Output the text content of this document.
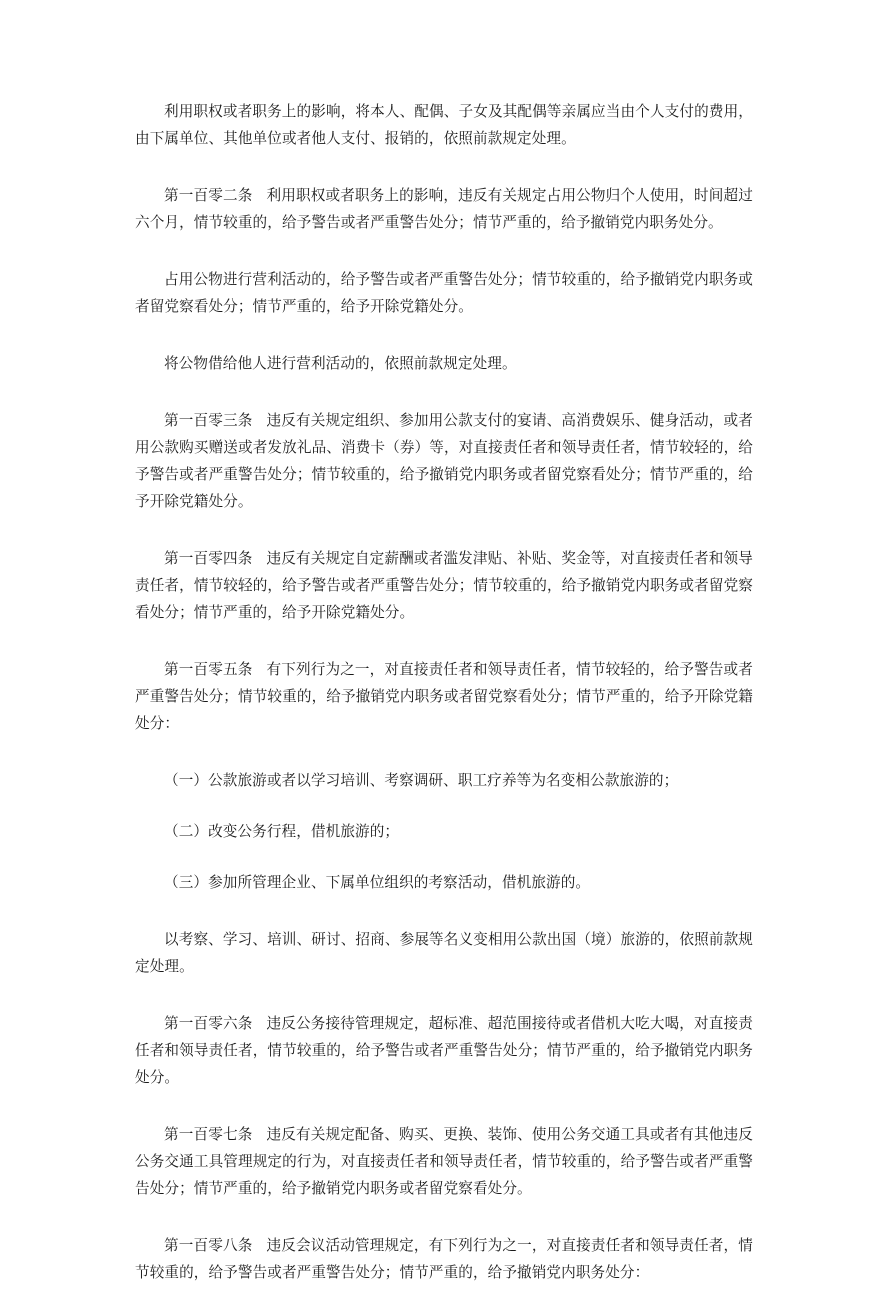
利用职权或者职务上的影响，将本人、配偶、子女及其配偶等亲属应当由个人支付的费用，由下属单位、其他单位或者他人支付、报销的，依照前款规定处理。

第一百零二条 利用职权或者职务上的影响，违反有关规定占用公物归个人使用，时间超过六个月，情节较重的，给予警告或者严重警告处分；情节严重的，给予撤销党内职务处分。

占用公物进行营利活动的，给予警告或者严重警告处分；情节较重的，给予撤销党内职务或者留党察看处分；情节严重的，给予开除党籍处分。

将公物借给他人进行营利活动的，依照前款规定处理。

第一百零三条 违反有关规定组织、参加用公款支付的宴请、高消费娱乐、健身活动，或者用公款购买赠送或者发放礼品、消费卡（券）等，对直接责任者和领导责任者，情节较轻的，给予警告或者严重警告处分；情节较重的，给予撤销党内职务或者留党察看处分；情节严重的，给予开除党籍处分。

第一百零四条 违反有关规定自定薪酬或者滥发津贴、补贴、奖金等，对直接责任者和领导责任者，情节较轻的，给予警告或者严重警告处分；情节较重的，给予撤销党内职务或者留党察看处分；情节严重的，给予开除党籍处分。

第一百零五条 有下列行为之一，对直接责任者和领导责任者，情节较轻的，给予警告或者严重警告处分；情节较重的，给予撤销党内职务或者留党察看处分；情节严重的，给予开除党籍处分：

（一）公款旅游或者以学习培训、考察调研、职工疗养等为名变相公款旅游的；

（二）改变公务行程，借机旅游的；

（三）参加所管理企业、下属单位组织的考察活动，借机旅游的。

以考察、学习、培训、研讨、招商、参展等名义变相用公款出国（境）旅游的，依照前款规定处理。

第一百零六条 违反公务接待管理规定，超标准、超范围接待或者借机大吃大喝，对直接责任者和领导责任者，情节较重的，给予警告或者严重警告处分；情节严重的，给予撤销党内职务处分。

第一百零七条 违反有关规定配备、购买、更换、装饰、使用公务交通工具或者有其他违反公务交通工具管理规定的行为，对直接责任者和领导责任者，情节较重的，给予警告或者严重警告处分；情节严重的，给予撤销党内职务或者留党察看处分。

第一百零八条 违反会议活动管理规定，有下列行为之一，对直接责任者和领导责任者，情节较重的，给予警告或者严重警告处分；情节严重的，给予撤销党内职务处分：
